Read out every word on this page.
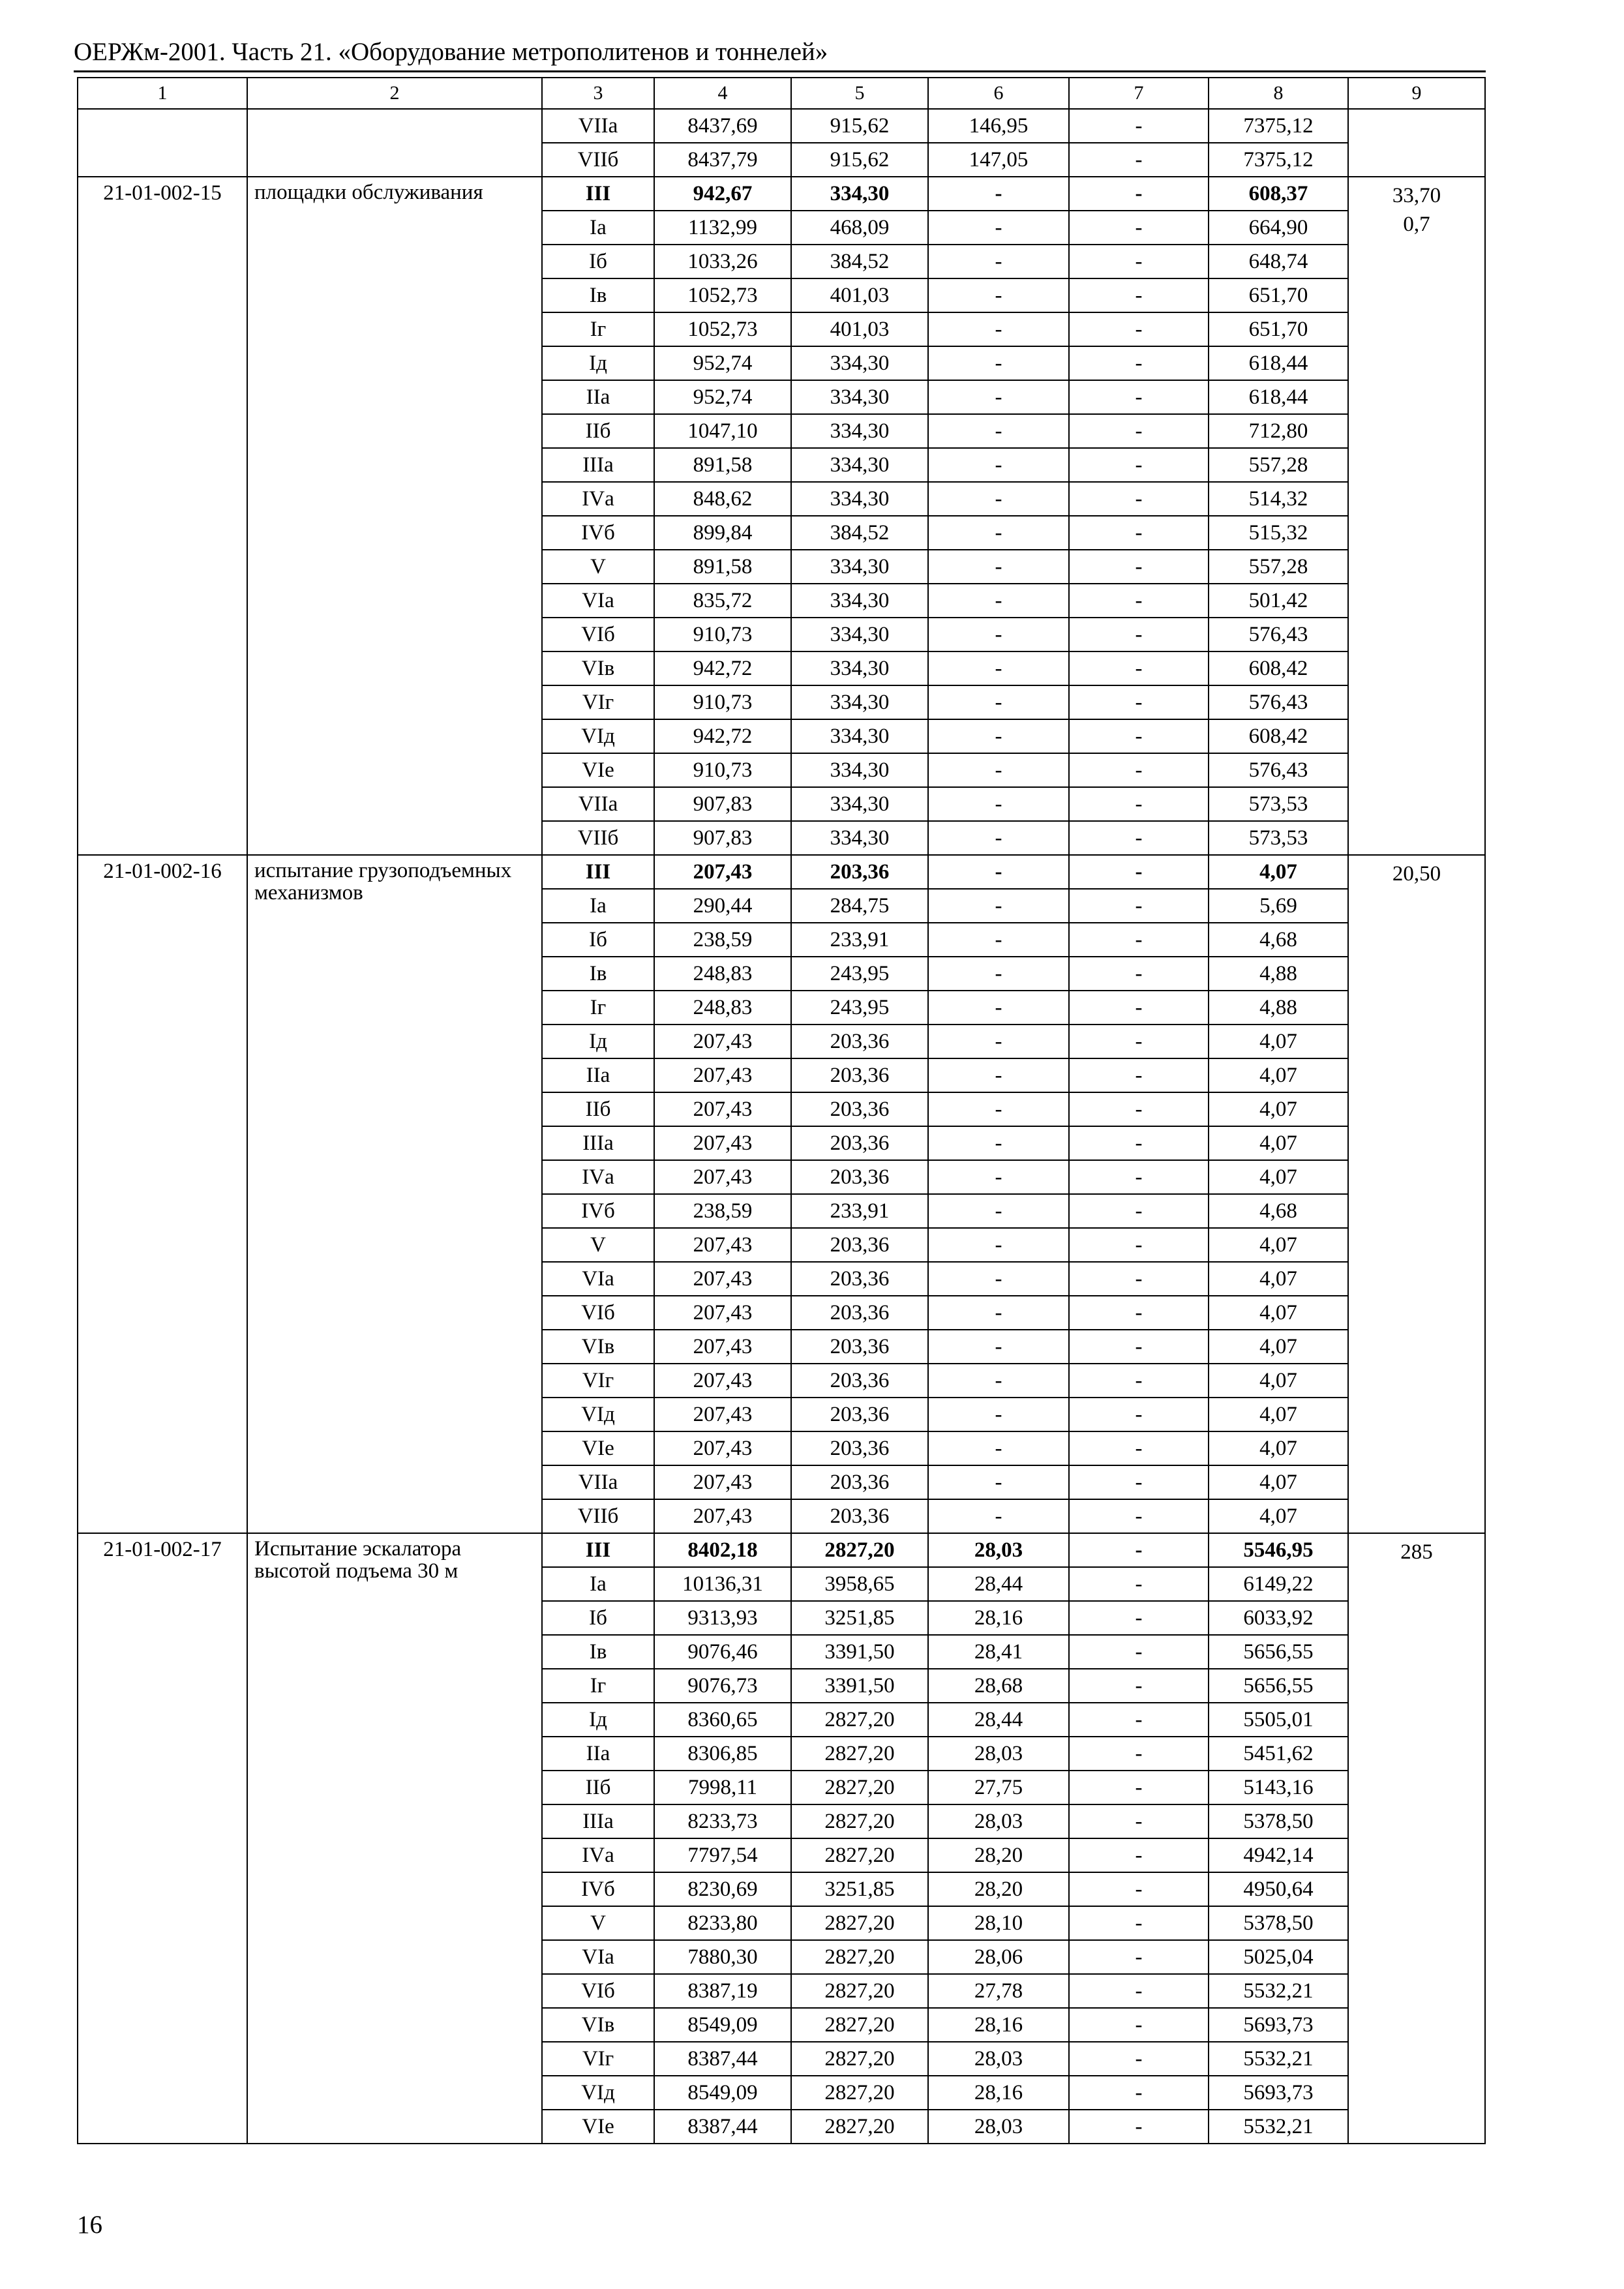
ОЕРЖм-2001. Часть 21. «Оборудование метрополитенов и тоннелей»
1	2	3	4	5	6	7	8	9
		VIIа	8437,69	915,62	146,95	-	7375,12	
		VIIб	8437,79	915,62	147,05	-	7375,12	
21-01-002-15	площадки обслуживания	III	942,67	334,30	-	-	608,37	33,70
0,7

		Iа	1132,99	468,09	-	-	664,90	
		Iб	1033,26	384,52	-	-	648,74	
		Iв	1052,73	401,03	-	-	651,70	
		Iг	1052,73	401,03	-	-	651,70	
		Iд	952,74	334,30	-	-	618,44	
		IIа	952,74	334,30	-	-	618,44	
		IIб	1047,10	334,30	-	-	712,80	
		IIIа	891,58	334,30	-	-	557,28	
		IVа	848,62	334,30	-	-	514,32	
		IVб	899,84	384,52	-	-	515,32	
		V	891,58	334,30	-	-	557,28	
		VIа	835,72	334,30	-	-	501,42	
		VIб	910,73	334,30	-	-	576,43	
		VIв	942,72	334,30	-	-	608,42	
		VIг	910,73	334,30	-	-	576,43	
		VIд	942,72	334,30	-	-	608,42	
		VIе	910,73	334,30	-	-	576,43	
		VIIа	907,83	334,30	-	-	573,53	
		VIIб	907,83	334,30	-	-	573,53	
21-01-002-16	испытание грузоподъемных механизмов	III	207,43	203,36	-	-	4,07	20,50

		Iа	290,44	284,75	-	-	5,69	
		Iб	238,59	233,91	-	-	4,68	
		Iв	248,83	243,95	-	-	4,88	
		Iг	248,83	243,95	-	-	4,88	
		Iд	207,43	203,36	-	-	4,07	
		IIа	207,43	203,36	-	-	4,07	
		IIб	207,43	203,36	-	-	4,07	
		IIIа	207,43	203,36	-	-	4,07	
		IVа	207,43	203,36	-	-	4,07	
		IVб	238,59	233,91	-	-	4,68	
		V	207,43	203,36	-	-	4,07	
		VIа	207,43	203,36	-	-	4,07	
		VIб	207,43	203,36	-	-	4,07	
		VIв	207,43	203,36	-	-	4,07	
		VIг	207,43	203,36	-	-	4,07	
		VIд	207,43	203,36	-	-	4,07	
		VIе	207,43	203,36	-	-	4,07	
		VIIа	207,43	203,36	-	-	4,07	
		VIIб	207,43	203,36	-	-	4,07	
21-01-002-17	Испытание эскалатора высотой подъема 30 м	III	8402,18	2827,20	28,03	-	5546,95	285

		Iа	10136,31	3958,65	28,44	-	6149,22	
		Iб	9313,93	3251,85	28,16	-	6033,92	
		Iв	9076,46	3391,50	28,41	-	5656,55	
		Iг	9076,73	3391,50	28,68	-	5656,55	
		Iд	8360,65	2827,20	28,44	-	5505,01	
		IIа	8306,85	2827,20	28,03	-	5451,62	
		IIб	7998,11	2827,20	27,75	-	5143,16	
		IIIа	8233,73	2827,20	28,03	-	5378,50	
		IVа	7797,54	2827,20	28,20	-	4942,14	
		IVб	8230,69	3251,85	28,20	-	4950,64	
		V	8233,80	2827,20	28,10	-	5378,50	
		VIа	7880,30	2827,20	28,06	-	5025,04	
		VIб	8387,19	2827,20	27,78	-	5532,21	
		VIв	8549,09	2827,20	28,16	-	5693,73	
		VIг	8387,44	2827,20	28,03	-	5532,21	
		VIд	8549,09	2827,20	28,16	-	5693,73	
		VIе	8387,44	2827,20	28,03	-	5532,21	
16
